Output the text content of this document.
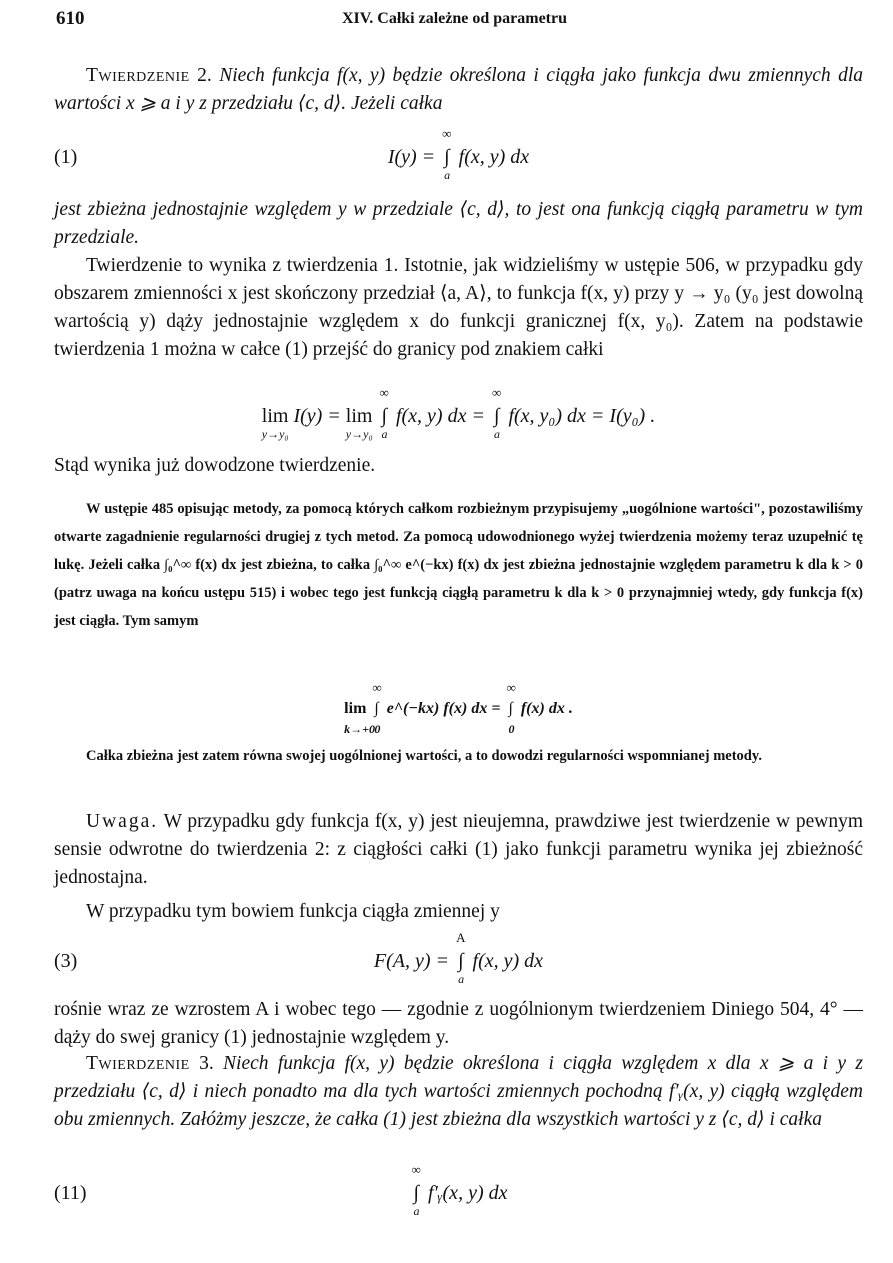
610	XIV. Całki zależne od parametru
Twierdzenie 2. Niech funkcja f(x, y) będzie określona i ciągła jako funkcja dwu zmiennych dla wartości x ⩾ a i y z przedziału ⟨c, d⟩. Jeżeli całka
(1)	I(y) = ∫
∞
a
f(x, y) dx
jest zbieżna jednostajnie względem y w przedziale ⟨c, d⟩, to jest ona funkcją ciągłą parametru w tym przedziale.
Twierdzenie to wynika z twierdzenia 1. Istotnie, jak widzieliśmy w ustępie 506, w przypadku gdy obszarem zmienności x jest skończony przedział ⟨a, A⟩, to funkcja f(x, y) przy y → y₀ (y₀ jest dowolną wartością y) dąży jednostajnie względem x do funkcji granicznej f(x, y₀). Zatem na podstawie twierdzenia 1 można w całce (1) przejść do granicy pod znakiem całki
lim
y→y₀
I(y) = lim
y→y₀
∫
∞
a
f(x, y) dx = ∫
∞
a
f(x, y₀) dx = I(y₀) .
Stąd wynika już dowodzone twierdzenie.
W ustępie 485 opisując metody, za pomocą których całkom rozbieżnym przypisujemy „uogólnione wartości", pozostawiliśmy otwarte zagadnienie regularności drugiej z tych metod. Za pomocą udowodnionego wyżej twierdzenia możemy teraz uzupełnić tę lukę. Jeżeli całka ∫₀^∞ f(x) dx jest zbieżna, to całka ∫₀^∞ e^(−kx) f(x) dx jest zbieżna jednostajnie względem parametru k dla k > 0 (patrz uwaga na końcu ustępu 515) i wobec tego jest funkcją ciągłą parametru k dla k > 0 przynajmniej wtedy, gdy funkcja f(x) jest ciągła. Tym samym
lim
k→+0
∫
∞
0
e^(−kx) f(x) dx = ∫
∞
0
f(x) dx .
Całka zbieżna jest zatem równa swojej uogólnionej wartości, a to dowodzi regularności wspomnianej metody.
Uwaga. W przypadku gdy funkcja f(x, y) jest nieujemna, prawdziwe jest twierdzenie w pewnym sensie odwrotne do twierdzenia 2: z ciągłości całki (1) jako funkcji parametru wynika jej zbieżność jednostajna.
W przypadku tym bowiem funkcja ciągła zmiennej y
(3)	F(A, y) = ∫
A
a
f(x, y) dx
rośnie wraz ze wzrostem A i wobec tego — zgodnie z uogólnionym twierdzeniem Diniego 504, 4° — dąży do swej granicy (1) jednostajnie względem y.
Twierdzenie 3. Niech funkcja f(x, y) będzie określona i ciągła względem x dla x ⩾ a i y z przedziału ⟨c, d⟩ i niech ponadto ma dla tych wartości zmiennych pochodną f′ᵧ(x, y) ciągłą względem obu zmiennych. Załóżmy jeszcze, że całka (1) jest zbieżna dla wszystkich wartości y z ⟨c, d⟩ i całka
(11)	∫
∞
a
f′ᵧ(x, y) dx
